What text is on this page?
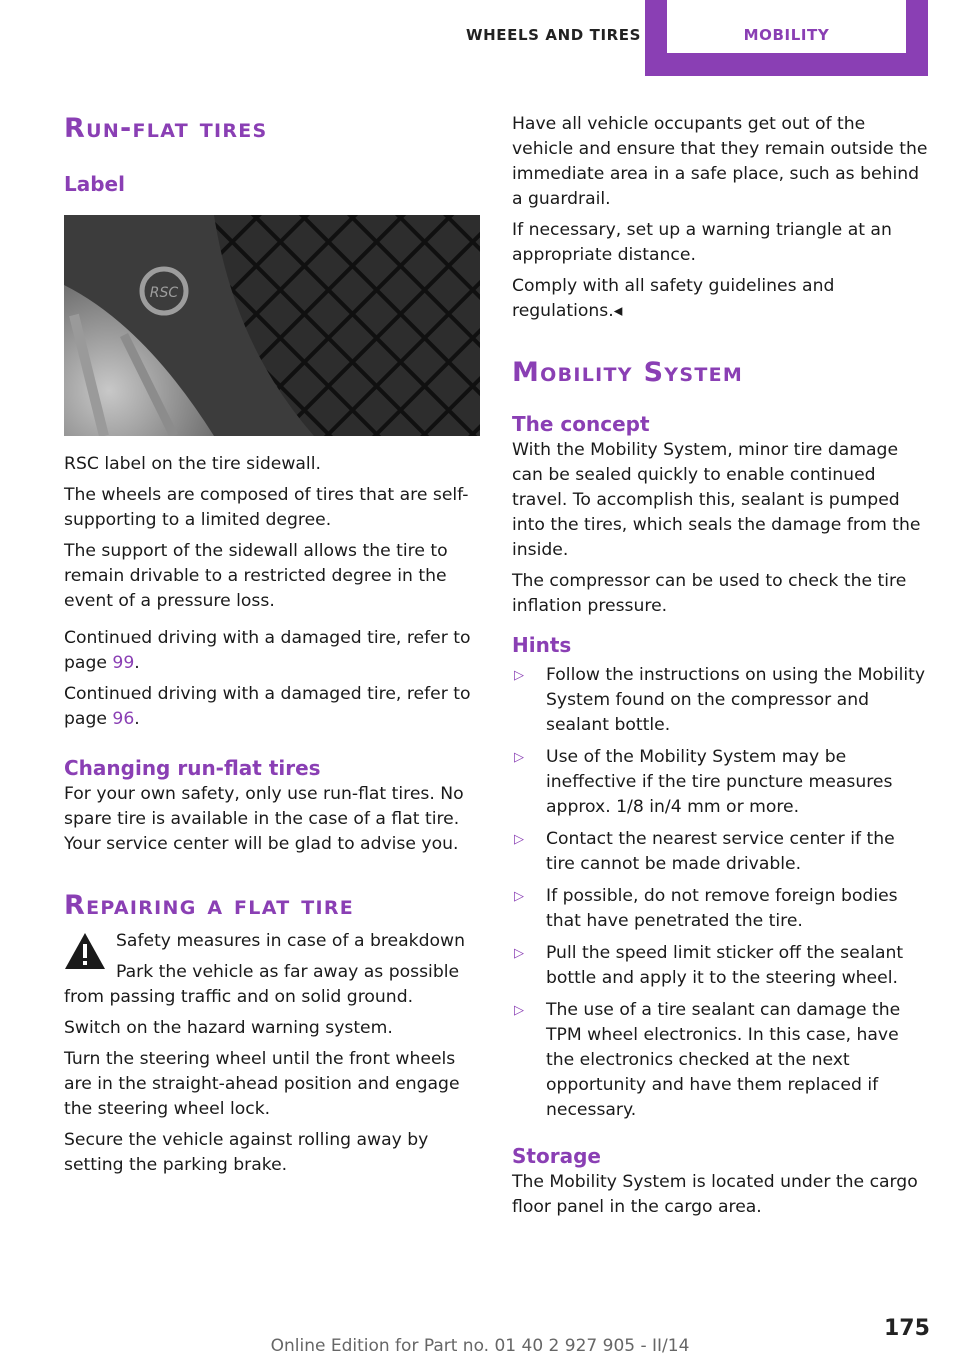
WHEELS AND TIRES	MOBILITY
Run-flat tires
Label
RSC

RSC label on the tire sidewall.

The wheels are composed of tires that are self-supporting to a limited degree.

The support of the sidewall allows the tire to remain drivable to a restricted degree in the event of a pressure loss.

Continued driving with a damaged tire, refer to page 99.

Continued driving with a damaged tire, refer to page 96.

Changing run-flat tires

For your own safety, only use run-flat tires. No spare tire is available in the case of a flat tire. Your service center will be glad to advise you.

Repairing a flat tire

Safety measures in case of a breakdown

Park the vehicle as far away as possible from passing traffic and on solid ground.

Switch on the hazard warning system.

Turn the steering wheel until the front wheels are in the straight-ahead position and engage the steering wheel lock.

Secure the vehicle against rolling away by setting the parking brake.

Have all vehicle occupants get out of the vehicle and ensure that they remain outside the immediate area in a safe place, such as behind a guardrail.

If necessary, set up a warning triangle at an appropriate distance.

Comply with all safety guidelines and regulations.◂

Mobility System
The concept

With the Mobility System, minor tire damage can be sealed quickly to enable continued travel. To accomplish this, sealant is pumped into the tires, which seals the damage from the inside.

The compressor can be used to check the tire inflation pressure.

Hints
▷ Follow the instructions on using the Mobility System found on the compressor and sealant bottle.
▷ Use of the Mobility System may be ineffective if the tire puncture measures approx. 1/8 in/4 mm or more.
▷ Contact the nearest service center if the tire cannot be made drivable.
▷ If possible, do not remove foreign bodies that have penetrated the tire.
▷ Pull the speed limit sticker off the sealant bottle and apply it to the steering wheel.
▷ The use of a tire sealant can damage the TPM wheel electronics. In this case, have the electronics checked at the next opportunity and have them replaced if necessary.
Storage

The Mobility System is located under the cargo floor panel in the cargo area.

175
Online Edition for Part no. 01 40 2 927 905 - II/14
